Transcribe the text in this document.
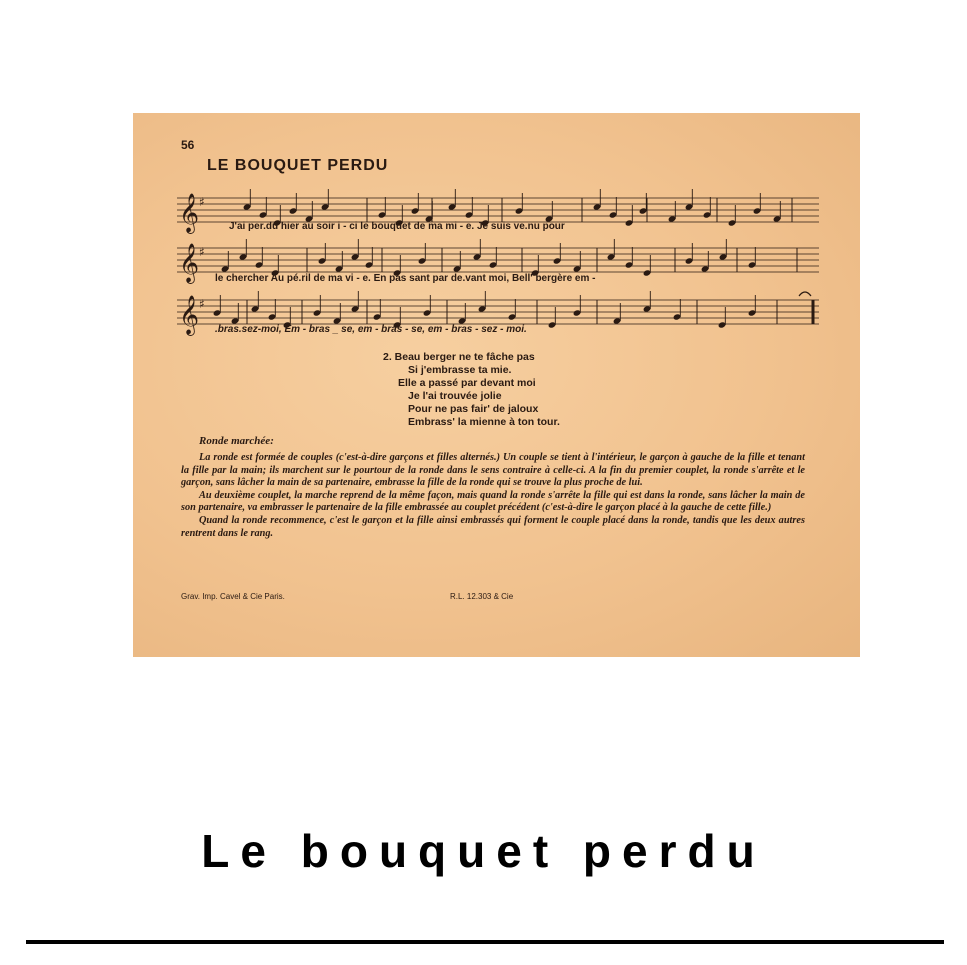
56
LE BOUQUET PERDU
𝄞 ♯
J'ai per.du hier au soir i - ci le bouquet de ma mi - e. Je suis ve.nu pour
𝄞 ♯
le chercher Au pé.ril de ma vi - e. En pas sant par de.vant moi, Bell' bergère em -
𝄞 ♯
.bras.sez-moi, Em - bras _ se, em - bras - se, em - bras - sez - moi.
2. Beau berger ne te fâche pas
Si j'embrasse ta mie.
Elle a passé par devant moi
Je l'ai trouvée jolie
Pour ne pas fair' de jaloux
Embrass' la mienne à ton tour.
Ronde marchée:

La ronde est formée de couples (c'est-à-dire garçons et filles alternés.) Un couple se tient à l'intérieur, le garçon à gauche de la fille et tenant la fille par la main; ils marchent sur le pourtour de la ronde dans le sens contraire à celle-ci. A la fin du premier couplet, la ronde s'arrête et le garçon, sans lâcher la main de sa partenaire, embrasse la fille de la ronde qui se trouve la plus proche de lui.

Au deuxième couplet, la marche reprend de la même façon, mais quand la ronde s'arrête la fille qui est dans la ronde, sans lâcher la main de son partenaire, va embrasser le partenaire de la fille embrassée au couplet précédent (c'est-à-dire le garçon placé à la gauche de cette fille.)

Quand la ronde recommence, c'est le garçon et la fille ainsi embrassés qui forment le couple placé dans la ronde, tandis que les deux autres rentrent dans le rang.

Grav. Imp. Cavel & Cie Paris.	R.L. 12.303 & Cie
Le bouquet perdu
